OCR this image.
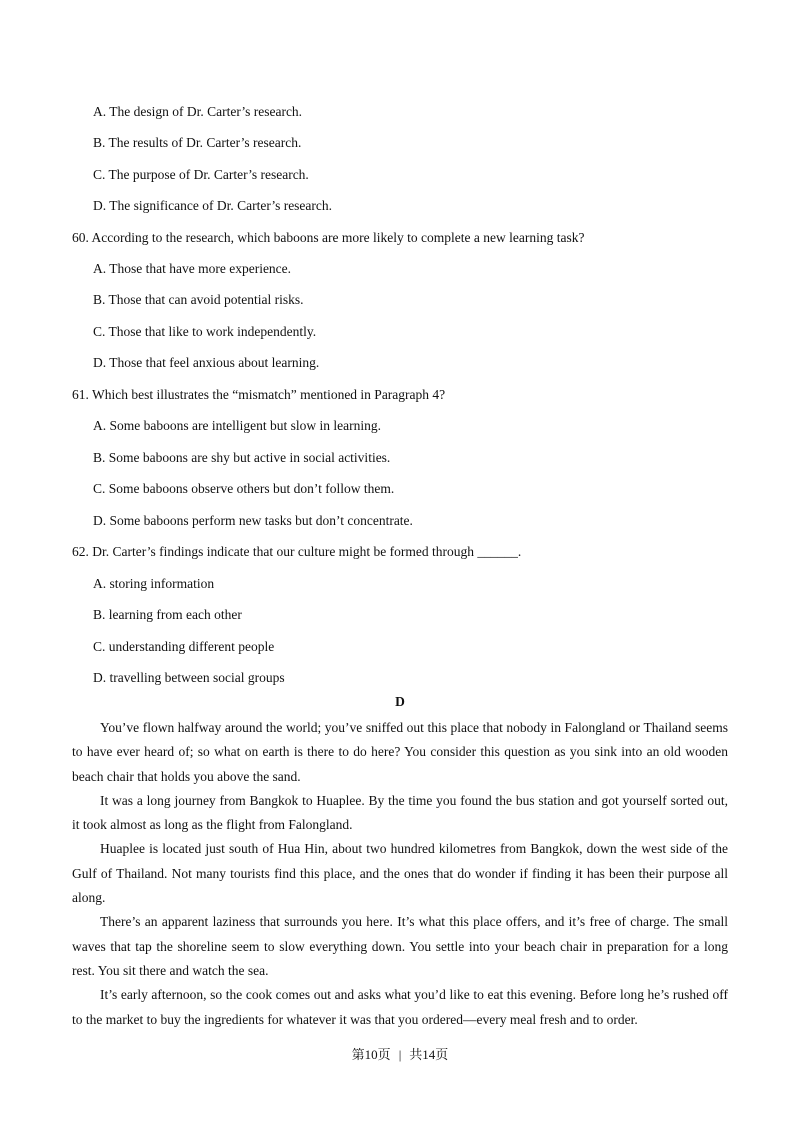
A. The design of Dr. Carter’s research.
B. The results of Dr. Carter’s research.
C. The purpose of Dr. Carter’s research.
D. The significance of Dr. Carter’s research.
60. According to the research, which baboons are more likely to complete a new learning task?
A. Those that have more experience.
B. Those that can avoid potential risks.
C. Those that like to work independently.
D. Those that feel anxious about learning.
61. Which best illustrates the “mismatch” mentioned in Paragraph 4?
A. Some baboons are intelligent but slow in learning.
B. Some baboons are shy but active in social activities.
C. Some baboons observe others but don’t follow them.
D. Some baboons perform new tasks but don’t concentrate.
62. Dr. Carter’s findings indicate that our culture might be formed through ______.
A. storing information
B. learning from each other
C. understanding different people
D. travelling between social groups
D

You’ve flown halfway around the world; you’ve sniffed out this place that nobody in Falongland or Thailand seems to have ever heard of; so what on earth is there to do here? You consider this question as you sink into an old wooden beach chair that holds you above the sand.

It was a long journey from Bangkok to Huaplee. By the time you found the bus station and got yourself sorted out, it took almost as long as the flight from Falongland.

Huaplee is located just south of Hua Hin, about two hundred kilometres from Bangkok, down the west side of the Gulf of Thailand. Not many tourists find this place, and the ones that do wonder if finding it has been their purpose all along.

There’s an apparent laziness that surrounds you here. It’s what this place offers, and it’s free of charge. The small waves that tap the shoreline seem to slow everything down. You settle into your beach chair in preparation for a long rest. You sit there and watch the sea.

It’s early afternoon, so the cook comes out and asks what you’d like to eat this evening. Before long he’s rushed off to the market to buy the ingredients for whatever it was that you ordered—every meal fresh and to order.

第10页 | 共14页
